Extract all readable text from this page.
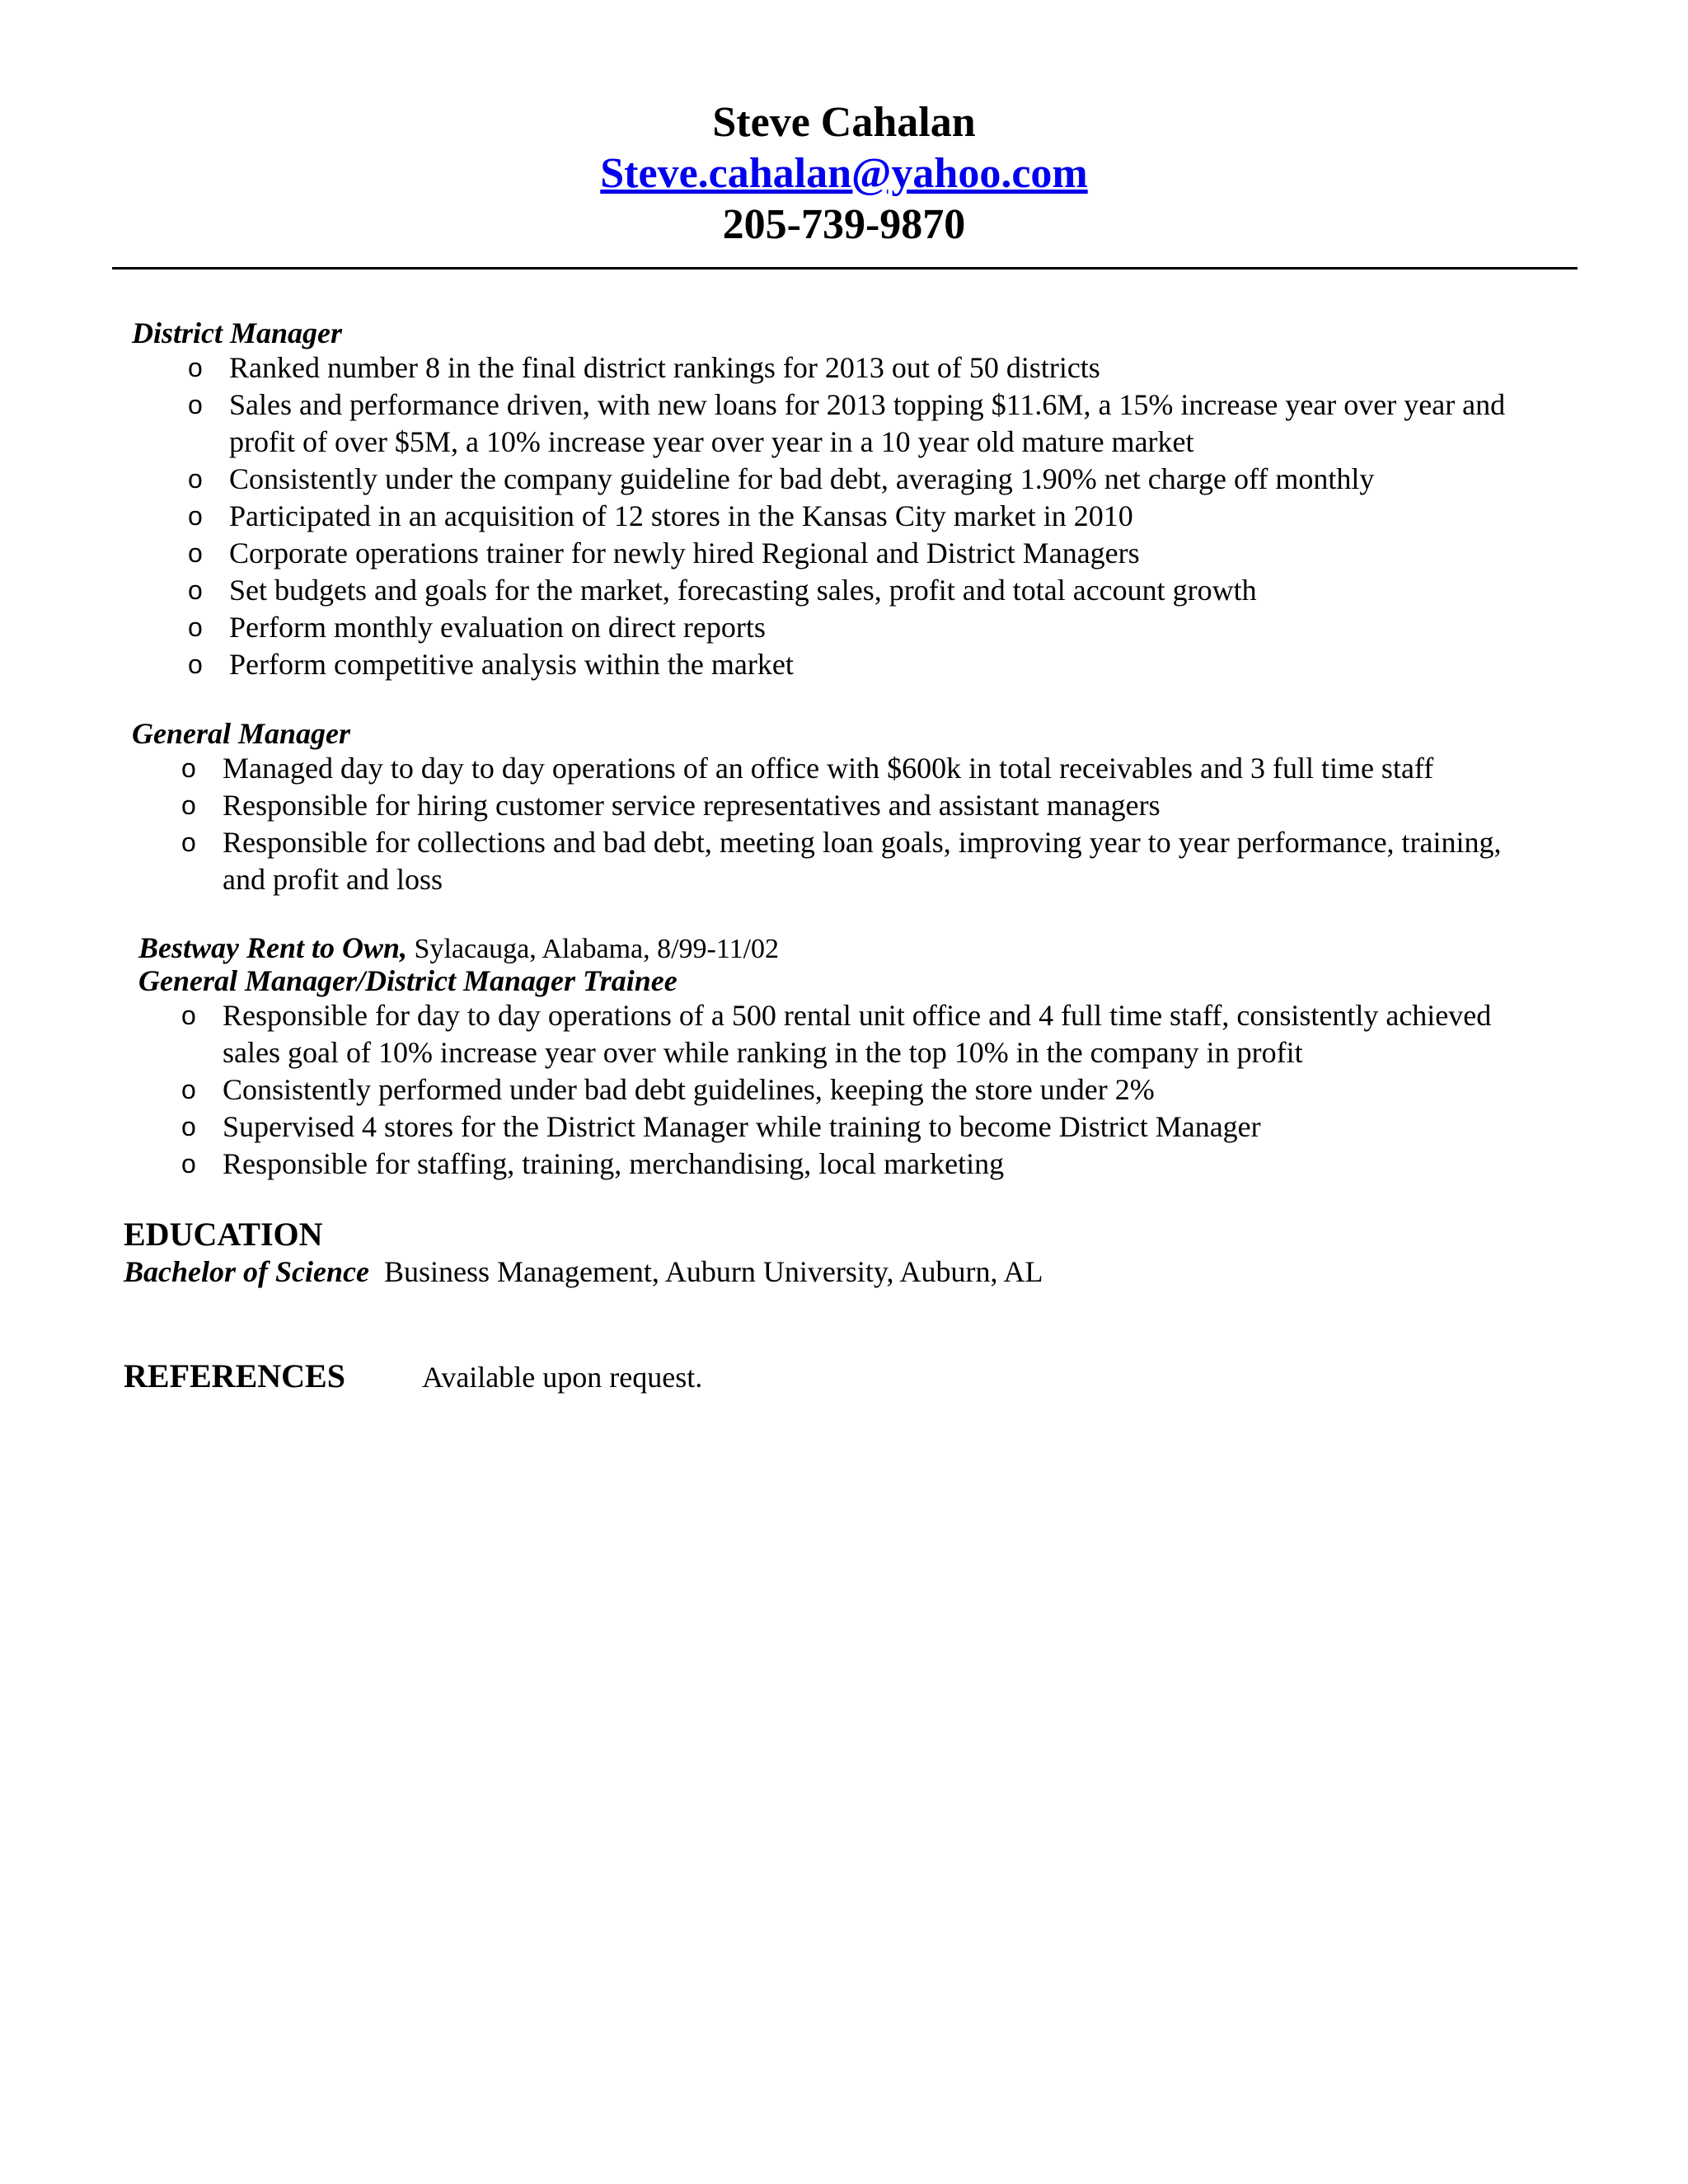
Steve Cahalan
Steve.cahalan@yahoo.com
205-739-9870
District Manager
o Ranked number 8 in the final district rankings for 2013 out of 50 districts
o Sales and performance driven, with new loans for 2013 topping $11.6M, a 15% increase year over year and profit of over $5M, a 10% increase year over year in a 10 year old mature market
o Consistently under the company guideline for bad debt, averaging 1.90% net charge off monthly
o Participated in an acquisition of 12 stores in the Kansas City market in 2010
o Corporate operations trainer for newly hired Regional and District Managers
o Set budgets and goals for the market, forecasting sales, profit and total account growth
o Perform monthly evaluation on direct reports
o Perform competitive analysis within the market
General Manager
o Managed day to day to day operations of an office with $600k in total receivables and 3 full time staff
o Responsible for hiring customer service representatives and assistant managers
o Responsible for collections and bad debt, meeting loan goals, improving year to year performance, training, and profit and loss
Bestway Rent to Own, Sylacauga, Alabama, 8/99-11/02
General Manager/District Manager Trainee
o Responsible for day to day operations of a 500 rental unit office and 4 full time staff, consistently achieved sales goal of 10% increase year over while ranking in the top 10% in the company in profit
o Consistently performed under bad debt guidelines, keeping the store under 2%
o Supervised 4 stores for the District Manager while training to become District Manager
o Responsible for staffing, training, merchandising, local marketing
EDUCATION
Bachelor of Science Business Management, Auburn University, Auburn, AL
REFERENCES	Available upon request.
